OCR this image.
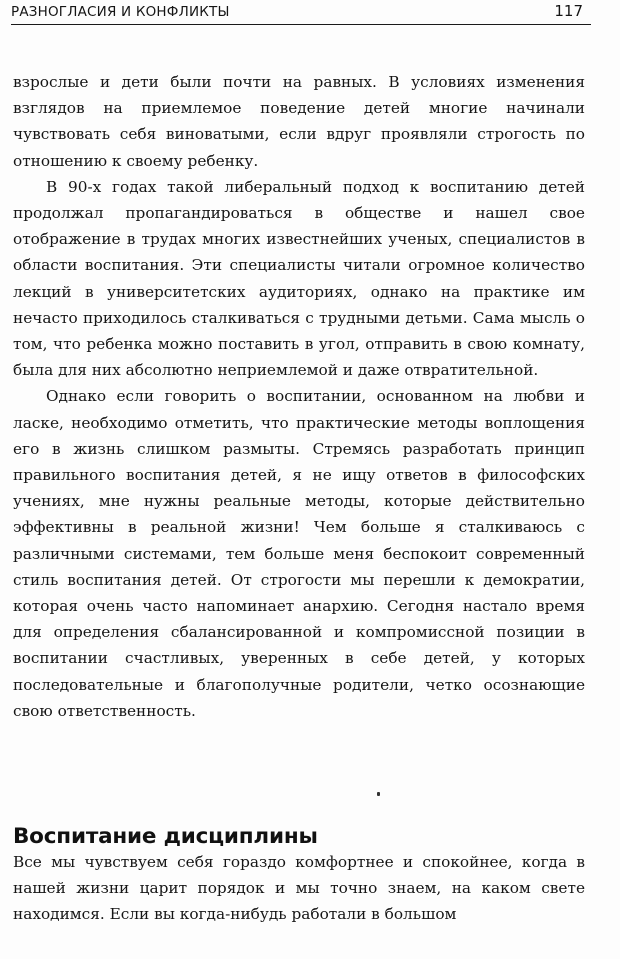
РАЗНОГЛАСИЯ И КОНФЛИКТЫ	117

взрослые и дети были почти на равных. В условиях изменения взглядов на приемлемое поведение детей многие начинали чувствовать себя виноватыми, если вдруг проявляли строгость по отношению к своему ребенку.

В 90-х годах такой либеральный подход к воспитанию детей продолжал пропагандироваться в обществе и нашел свое отображение в трудах многих известнейших ученых, специалистов в области воспитания. Эти специалисты читали огромное количество лекций в университетских аудиториях, однако на практике им нечасто приходилось сталкиваться с трудными детьми. Сама мысль о том, что ребенка можно поставить в угол, отправить в свою комнату, была для них абсолютно неприемлемой и даже отвратительной.

Однако если говорить о воспитании, основанном на любви и ласке, необходимо отметить, что практические методы воплощения его в жизнь слишком размыты. Стремясь разработать принцип правильного воспитания детей, я не ищу ответов в философских учениях, мне нужны реальные методы, которые действительно эффективны в реальной жизни! Чем больше я сталкиваюсь с различными системами, тем больше меня беспокоит современный стиль воспитания детей. От строгости мы перешли к демократии, которая очень часто напоминает анархию. Сегодня настало время для определения сбалансированной и компромиссной позиции в воспитании счастливых, уверенных в себе детей, у которых последовательные и благополучные родители, четко осознающие свою ответственность.

Воспитание дисциплины

Все мы чувствуем себя гораздо комфортнее и спокойнее, когда в нашей жизни царит порядок и мы точно знаем, на каком свете находимся. Если вы когда-нибудь работали в большом
